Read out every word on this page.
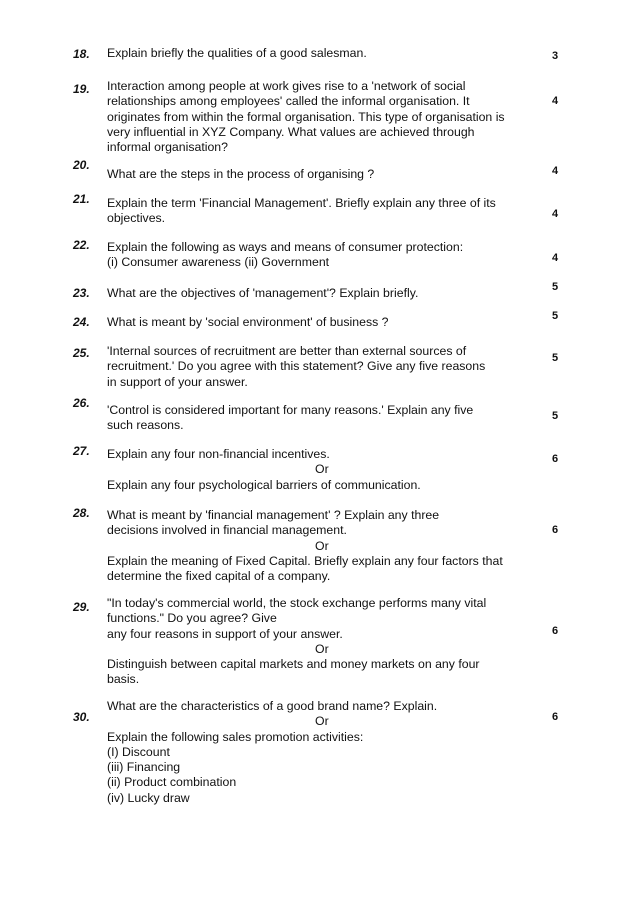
18.
19.
20.
21.
22.
23.
24.
25.
26.
27.
28.
29.
30.
Explain briefly the qualities of a good salesman.
Interaction among people at work gives rise to a 'network of social
relationships among employees' called the informal organisation. It
originates from within the formal organisation. This type of organisation is
very influential in XYZ Company. What values are achieved through
informal organisation?
What are the steps in the process of organising ?
Explain the term 'Financial Management'. Briefly explain any three of its
objectives.
Explain the following as ways and means of consumer protection:
(i) Consumer awareness (ii) Government
What are the objectives of 'management'? Explain briefly.
What is meant by 'social environment' of business ?
'Internal sources of recruitment are better than external sources of
recruitment.' Do you agree with this statement? Give any five reasons
in support of your answer.
'Control is considered important for many reasons.' Explain any five
such reasons.
Explain any four non-financial incentives.
Or
Explain any four psychological barriers of communication.
What is meant by 'financial management' ? Explain any three
decisions involved in financial management.
Or
Explain the meaning of Fixed Capital. Briefly explain any four factors that
determine the fixed capital of a company.
"In today's commercial world, the stock exchange performs many vital
functions." Do you agree? Give
any four reasons in support of your answer.
Or
Distinguish between capital markets and money markets on any four
basis.
What are the characteristics of a good brand name? Explain.
Or
Explain the following sales promotion activities:
(I) Discount
(iii) Financing
(ii) Product combination
(iv) Lucky draw
3
4
4
4
4
5
5
5
5
6
6
6
6
